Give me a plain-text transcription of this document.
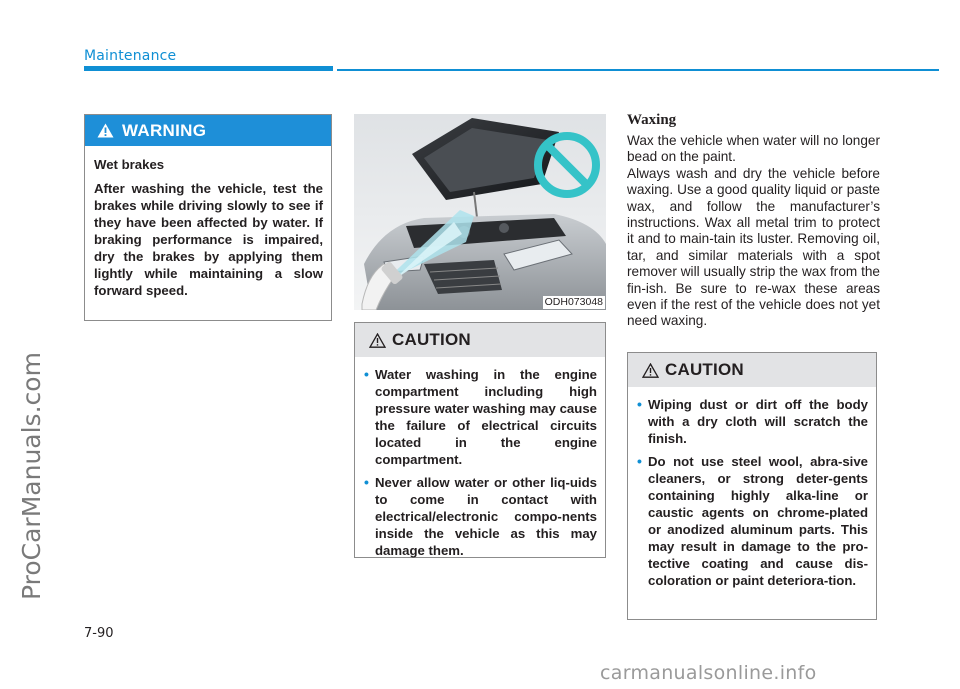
Maintenance
ProCarManuals.com
WARNING
Wet brakes
After washing the vehicle, test the brakes while driving slowly to see if they have been affected by water. If braking performance is impaired, dry the brakes by applying them lightly while maintaining a slow forward speed.
ODH073048
CAUTION
• Water washing in the engine compartment including high pressure water washing may cause the failure of electrical circuits located in the engine compartment.
• Never allow water or other liq-uids to come in contact with electrical/electronic compo-nents inside the vehicle as this may damage them.
Waxing
Wax the vehicle when water will no longer bead on the paint.
Always wash and dry the vehicle before waxing. Use a good quality liquid or paste wax, and follow the manufacturer’s instructions. Wax all metal trim to protect it and to main-tain its luster. Removing oil, tar, and similar materials with a spot remover will usually strip the wax from the fin-ish. Be sure to re-wax these areas even if the rest of the vehicle does not yet need waxing.
CAUTION
• Wiping dust or dirt off the body with a dry cloth will scratch the finish.
• Do not use steel wool, abra-sive cleaners, or strong deter-gents containing highly alka-line or caustic agents on chrome-plated or anodized aluminum parts. This may result in damage to the pro-tective coating and cause dis-coloration or paint deteriora-tion.
7-90
carmanualsonline.info
